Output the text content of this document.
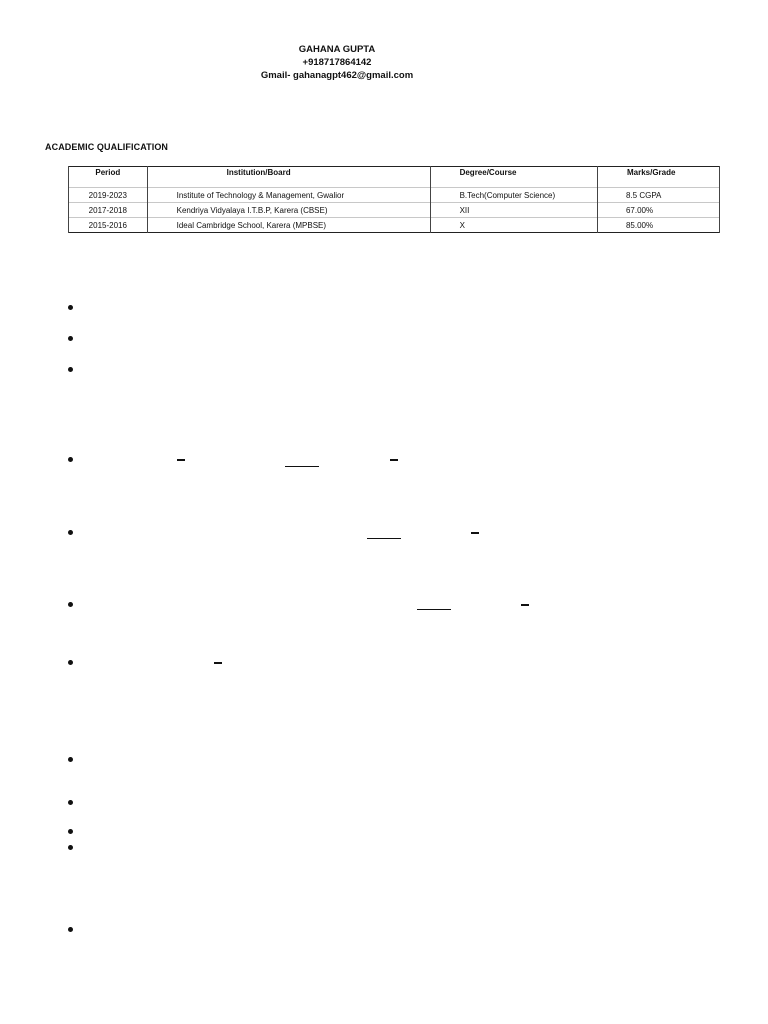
GAHANA GUPTA
+918717864142
Gmail- gahanagpt462@gmail.com
ACADEMIC QUALIFICATION
Period	Institution/Board	Degree/Course	Marks/Grade
2019-2023	Institute of Technology & Management, Gwalior	B.Tech(Computer Science)	8.5 CGPA
2017-2018	Kendriya Vidyalaya I.T.B.P, Karera (CBSE)	XII	67.00%
2015-2016	Ideal Cambridge School, Karera (MPBSE)	X	85.00%
